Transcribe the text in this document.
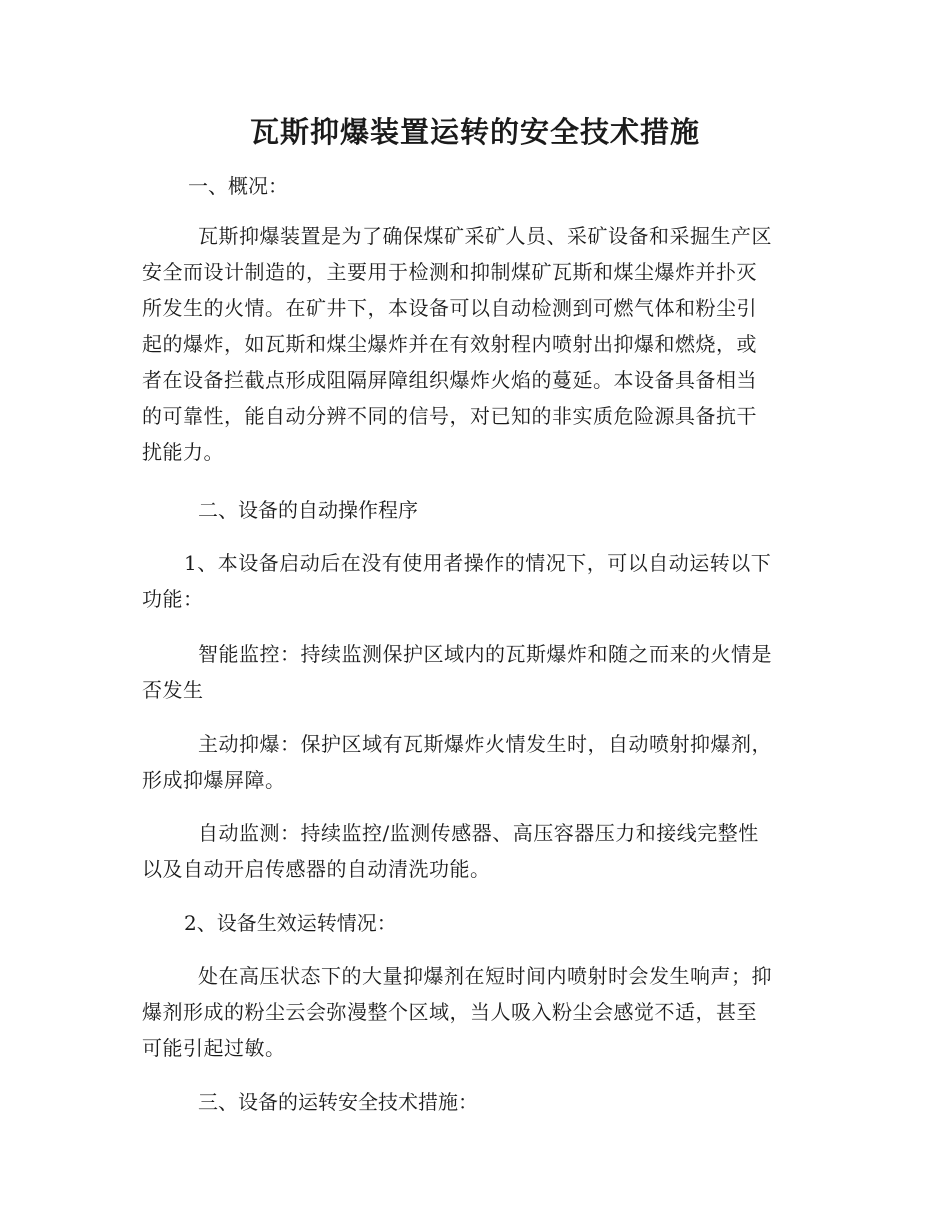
瓦斯抑爆装置运转的安全技术措施
一、概况：
瓦斯抑爆装置是为了确保煤矿采矿人员、采矿设备和采掘生产区
安全而设计制造的，主要用于检测和抑制煤矿瓦斯和煤尘爆炸并扑灭
所发生的火情。在矿井下，本设备可以自动检测到可燃气体和粉尘引
起的爆炸，如瓦斯和煤尘爆炸并在有效射程内喷射出抑爆和燃烧，或
者在设备拦截点形成阻隔屏障组织爆炸火焰的蔓延。本设备具备相当
的可靠性，能自动分辨不同的信号，对已知的非实质危险源具备抗干
扰能力。
二、设备的自动操作程序
1、本设备启动后在没有使用者操作的情况下，可以自动运转以下
功能：
智能监控：持续监测保护区域内的瓦斯爆炸和随之而来的火情是
否发生
主动抑爆：保护区域有瓦斯爆炸火情发生时，自动喷射抑爆剂，
形成抑爆屏障。
自动监测：持续监控/监测传感器、高压容器压力和接线完整性
以及自动开启传感器的自动清洗功能。
2、设备生效运转情况：
处在高压状态下的大量抑爆剂在短时间内喷射时会发生响声；抑
爆剂形成的粉尘云会弥漫整个区域，当人吸入粉尘会感觉不适，甚至
可能引起过敏。
三、设备的运转安全技术措施：
